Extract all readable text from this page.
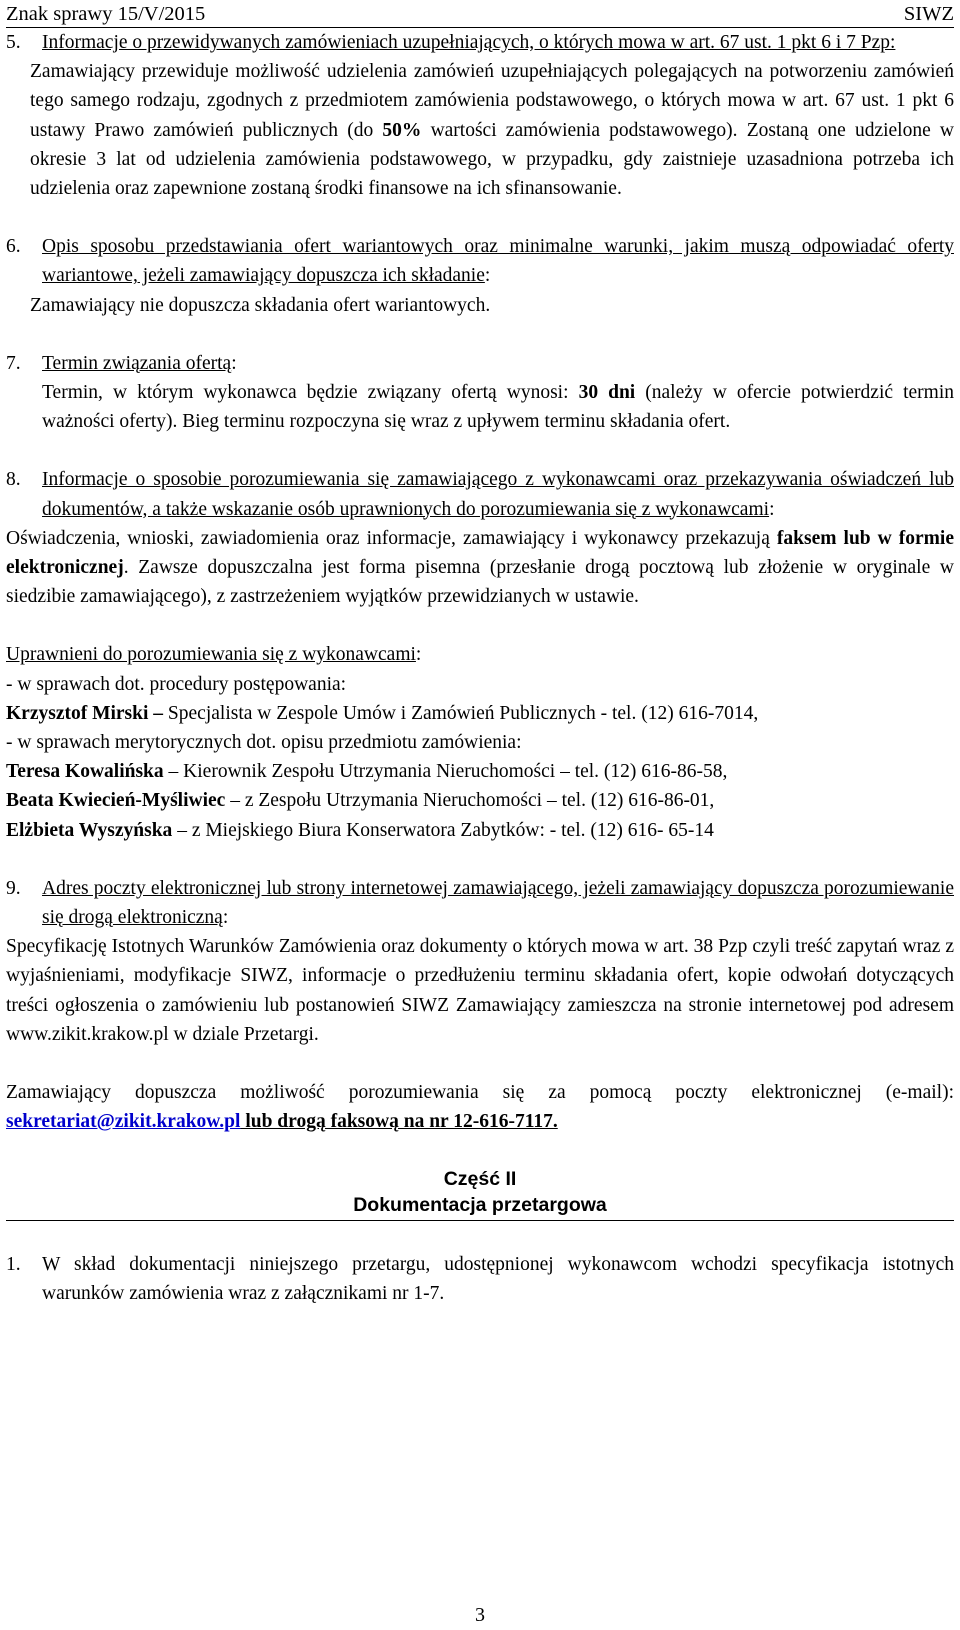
Znak sprawy 15/V/2015	SIWZ
5.	Informacje o przewidywanych zamówieniach uzupełniających, o których mowa w art. 67 ust. 1 pkt 6 i 7 Pzp:

Zamawiający przewiduje możliwość udzielenia zamówień uzupełniających polegających na potworzeniu zamówień tego samego rodzaju, zgodnych z przedmiotem zamówienia podstawowego, o których mowa w art. 67 ust. 1 pkt 6 ustawy Prawo zamówień publicznych (do 50% wartości zamówienia podstawowego). Zostaną one udzielone w okresie 3 lat od udzielenia zamówienia podstawowego, w przypadku, gdy zaistnieje uzasadniona potrzeba ich udzielenia oraz zapewnione zostaną środki finansowe na ich sfinansowanie.

6.	Opis sposobu przedstawiania ofert wariantowych oraz minimalne warunki, jakim muszą odpowiadać oferty wariantowe, jeżeli zamawiający dopuszcza ich składanie:

Zamawiający nie dopuszcza składania ofert wariantowych.

7.	Termin związania ofertą:

Termin, w którym wykonawca będzie związany ofertą wynosi: 30 dni (należy w ofercie potwierdzić termin ważności oferty). Bieg terminu rozpoczyna się wraz z upływem terminu składania ofert.

8.	Informacje o sposobie porozumiewania się zamawiającego z wykonawcami oraz przekazywania oświadczeń lub dokumentów, a także wskazanie osób uprawnionych do porozumiewania się z wykonawcami:

Oświadczenia, wnioski, zawiadomienia oraz informacje, zamawiający i wykonawcy przekazują faksem lub w formie elektronicznej. Zawsze dopuszczalna jest forma pisemna (przesłanie drogą pocztową lub złożenie w oryginale w siedzibie zamawiającego), z zastrzeżeniem wyjątków przewidzianych w ustawie.

Uprawnieni do porozumiewania się z wykonawcami:

- w sprawach dot. procedury postępowania:

Krzysztof Mirski – Specjalista w Zespole Umów i Zamówień Publicznych - tel. (12) 616-7014,

- w sprawach merytorycznych dot. opisu przedmiotu zamówienia:

Teresa Kowalińska – Kierownik Zespołu Utrzymania Nieruchomości – tel. (12) 616-86-58,

Beata Kwiecień-Myśliwiec – z Zespołu Utrzymania Nieruchomości – tel. (12) 616-86-01,

Elżbieta Wyszyńska – z Miejskiego Biura Konserwatora Zabytków: - tel. (12) 616- 65-14

9.	Adres poczty elektronicznej lub strony internetowej zamawiającego, jeżeli zamawiający dopuszcza porozumiewanie się drogą elektroniczną:

Specyfikację Istotnych Warunków Zamówienia oraz dokumenty o których mowa w art. 38 Pzp czyli treść zapytań wraz z wyjaśnieniami, modyfikacje SIWZ, informacje o przedłużeniu terminu składania ofert, kopie odwołań dotyczących treści ogłoszenia o zamówieniu lub postanowień SIWZ Zamawiający zamieszcza na stronie internetowej pod adresem www.zikit.krakow.pl w dziale Przetargi.

Zamawiający dopuszcza możliwość porozumiewania się za pomocą poczty elektronicznej (e-mail): sekretariat@zikit.krakow.pl lub drogą faksową na nr 12-616-7117.

Część II
Dokumentacja przetargowa
1.	W skład dokumentacji niniejszego przetargu, udostępnionej wykonawcom wchodzi specyfikacja istotnych warunków zamówienia wraz z załącznikami nr 1-7.

3
